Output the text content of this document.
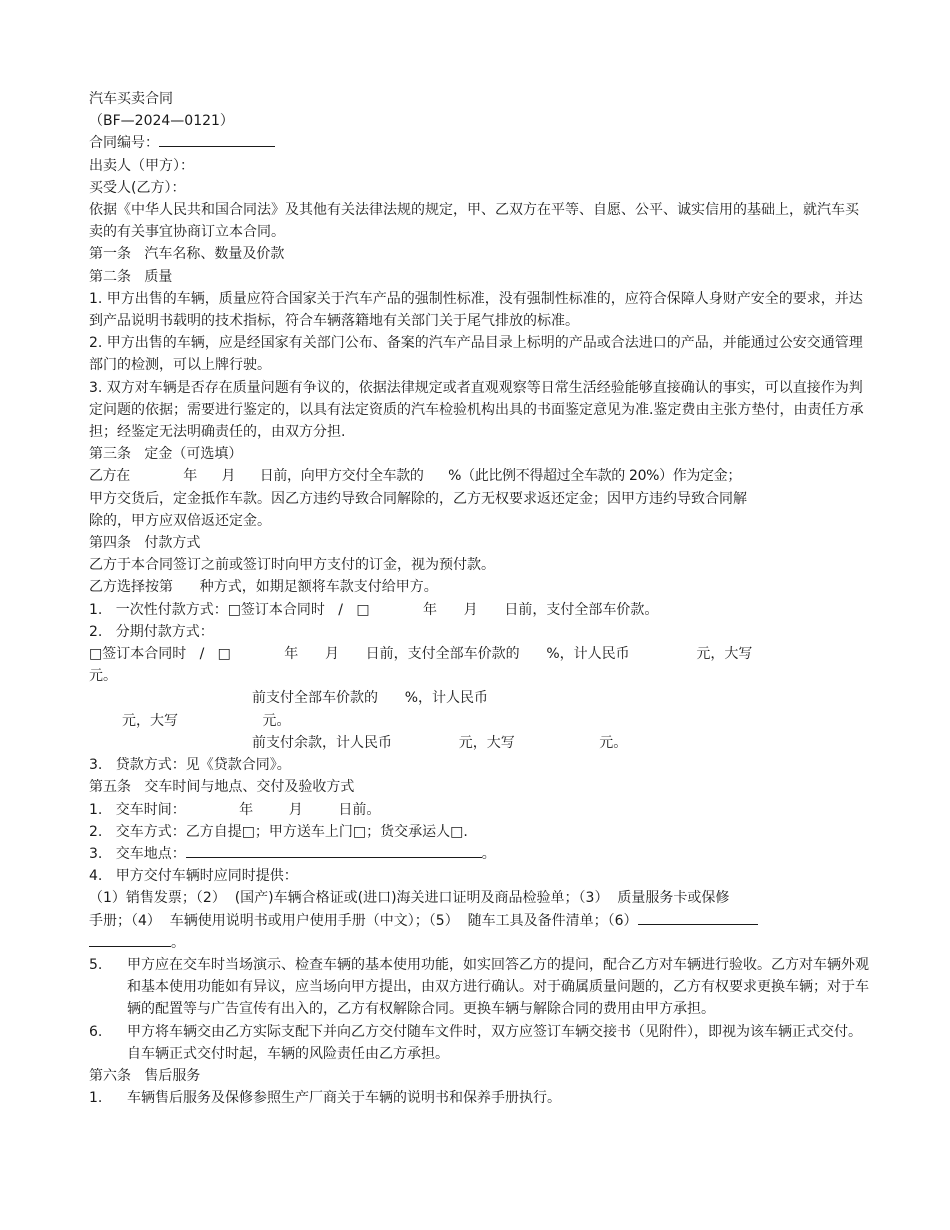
汽车买卖合同
（BF—2024—0121）
合同编号：
出卖人（甲方）：
买受人(乙方）：
依据《中华人民共和国合同法》及其他有关法律法规的规定，甲、乙双方在平等、自愿、公平、诚实信用的基础上，就汽车买卖的有关事宜协商订立本合同。
第一条   汽车名称、数量及价款
第二条   质量
1. 甲方出售的车辆，质量应符合国家关于汽车产品的强制性标准，没有强制性标准的，应符合保障人身财产安全的要求，并达到产品说明书载明的技术指标，符合车辆落籍地有关部门关于尾气排放的标准。
2. 甲方出售的车辆，应是经国家有关部门公布、备案的汽车产品目录上标明的产品或合法进口的产品，并能通过公安交通管理部门的检测，可以上牌行驶。
3. 双方对车辆是否存在质量问题有争议的，依据法律规定或者直观观察等日常生活经验能够直接确认的事实，可以直接作为判定问题的依据；需要进行鉴定的，以具有法定资质的汽车检验机构出具的书面鉴定意见为准.鉴定费由主张方垫付，由责任方承担；经鉴定无法明确责任的，由双方分担.
第三条   定金（可选填）
乙方在             年      月      日前，向甲方交付全车款的      %（此比例不得超过全车款的 20%）作为定金；
甲方交货后，定金抵作车款。因乙方违约导致合同解除的，乙方无权要求返还定金；因甲方违约导致合同解
除的，甲方应双倍返还定金。
第四条   付款方式
乙方于本合同签订之前或签订时向甲方支付的订金，视为预付款。
乙方选择按第      种方式，如期足额将车款支付给甲方。
1.   一次性付款方式：□签订本合同时   /   □            年      月      日前，支付全部车价款。
2.   分期付款方式：
□签订本合同时   /   □            年      月      日前，支付全部车价款的      %，计人民币               元，大写
元。
前支付全部车价款的      %，计人民币
元，大写                   元。
前支付余款，计人民币               元，大写                   元。
3.   贷款方式：见《贷款合同》。
第五条   交车时间与地点、交付及验收方式
1.   交车时间：            年        月        日前。
2.   交车方式：乙方自提□；甲方送车上门□；货交承运人□.
3.   交车地点：	。
4.   甲方交付车辆时应同时提供：
（1）销售发票；（2）  (国产)车辆合格证或(进口)海关进口证明及商品检验单；（3）  质量服务卡或保修
手册；（4）  车辆使用说明书或用户使用手册（中文）；（5）  随车工具及备件清单；（6）
。
5.	甲方应在交车时当场演示、检查车辆的基本使用功能，如实回答乙方的提问，配合乙方对车辆进行验收。乙方对车辆外观和基本使用功能如有异议，应当场向甲方提出，由双方进行确认。对于确属质量问题的，乙方有权要求更换车辆；对于车辆的配置等与广告宣传有出入的，乙方有权解除合同。更换车辆与解除合同的费用由甲方承担。
6.	甲方将车辆交由乙方实际支配下并向乙方交付随车文件时，双方应签订车辆交接书（见附件），即视为该车辆正式交付。自车辆正式交付时起，车辆的风险责任由乙方承担。
第六条   售后服务
1.	车辆售后服务及保修参照生产厂商关于车辆的说明书和保养手册执行。
